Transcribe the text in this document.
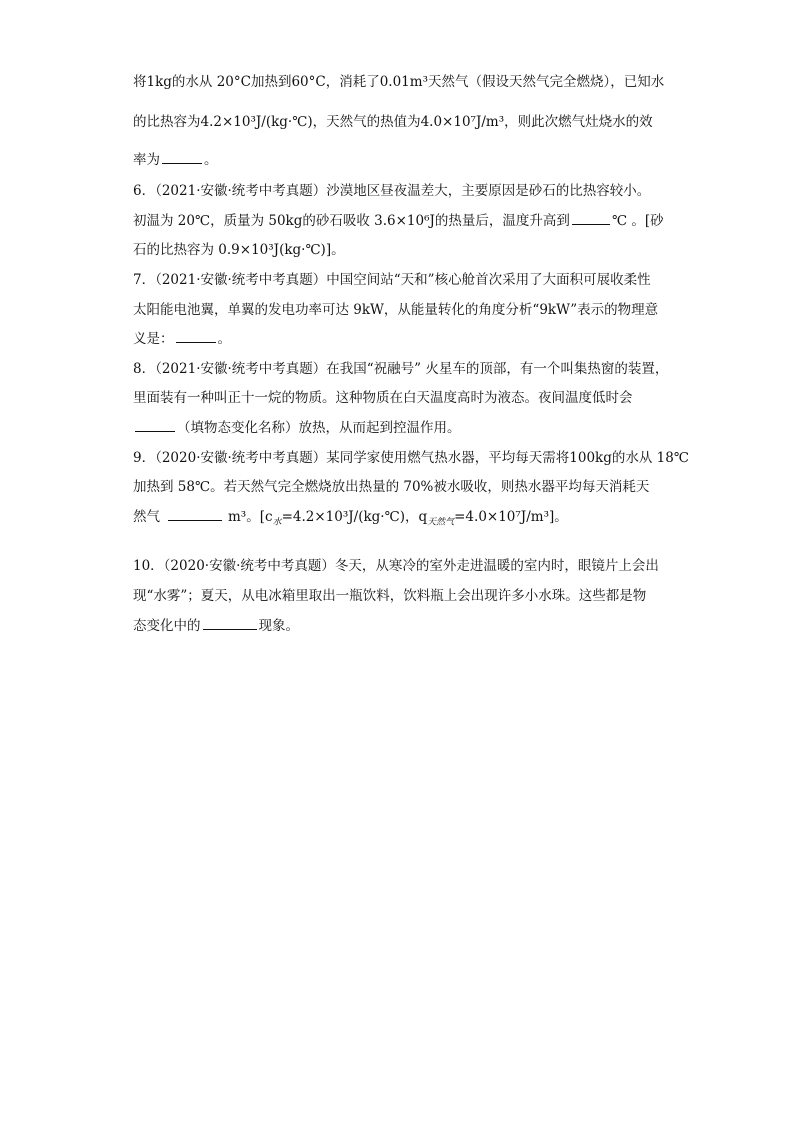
将1kg的水从 20°C加热到60°C，消耗了0.01m³天然气（假设天然气完全燃烧），已知水
的比热容为4.2×10³J/(kg·℃)，天然气的热值为4.0×10⁷J/m³，则此次燃气灶烧水的效
率为	。
6．（2021·安徽·统考中考真题）沙漠地区昼夜温差大，主要原因是砂石的比热容较小。
初温为 20℃，质量为 50kg的砂石吸收 3.6×10⁶J的热量后，温度升高到	℃ 。[砂
石的比热容为 0.9×10³J(kg·℃)]。
7．（2021·安徽·统考中考真题）中国空间站“天和”核心舱首次采用了大面积可展收柔性
太阳能电池翼，单翼的发电功率可达 9kW，从能量转化的角度分析“9kW”表示的物理意
义是：	。
8．（2021·安徽·统考中考真题）在我国“祝融号” 火星车的顶部，有一个叫集热窗的装置，
里面装有一种叫正十一烷的物质。这种物质在白天温度高时为液态。夜间温度低时会
（填物态变化名称）放热，从而起到控温作用。
9．（2020·安徽·统考中考真题）某同学家使用燃气热水器，平均每天需将100kg的水从 18℃
加热到 58℃。若天然气完全燃烧放出热量的 70%被水吸收，则热水器平均每天消耗天
然气	m³。[$c_水=4.2\times 10^3J/(kg\cdot℃)$，$q_{天然气}=4.0\times 10^7J/m^3$]。
10．（2020·安徽·统考中考真题）冬天，从寒冷的室外走进温暖的室内时，眼镜片上会出
现“水雾”；夏天，从电冰箱里取出一瓶饮料，饮料瓶上会出现许多小水珠。这些都是物
态变化中的	现象。
